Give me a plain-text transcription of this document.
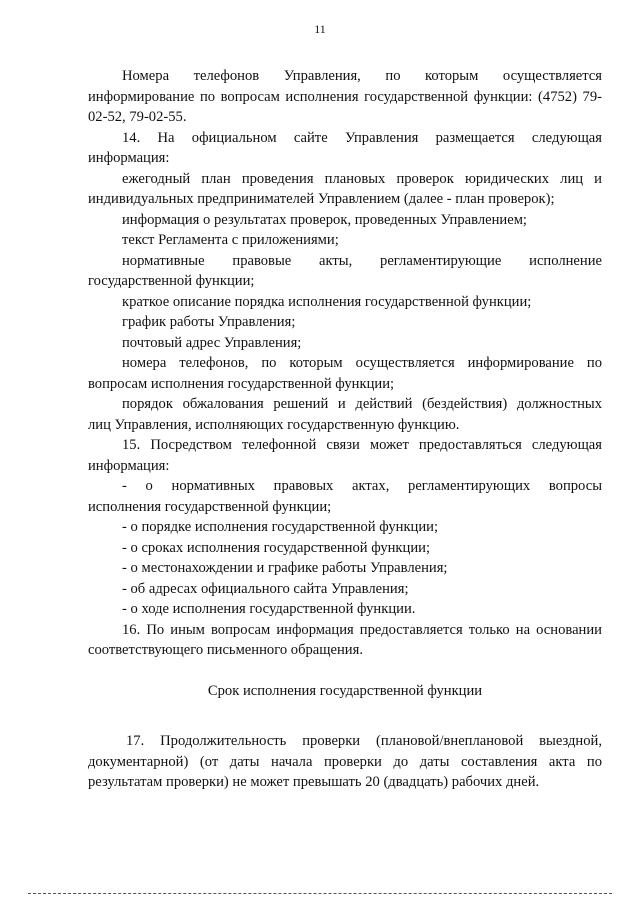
11
Номера телефонов Управления, по которым осуществляется
информирование по вопросам исполнения государственной функции: (4752) 79-
02-52, 79-02-55.
14. На официальном сайте Управления размещается следующая
информация:
ежегодный план проведения плановых проверок юридических лиц и
индивидуальных предпринимателей Управлением (далее - план проверок);
информация о результатах проверок, проведенных Управлением;
текст Регламента с приложениями;
нормативные правовые акты, регламентирующие исполнение
государственной функции;
краткое описание порядка исполнения государственной функции;
график работы Управления;
почтовый адрес Управления;
номера телефонов, по которым осуществляется информирование по
вопросам исполнения государственной функции;
порядок обжалования решений и действий (бездействия) должностных
лиц Управления, исполняющих государственную функцию.
15. Посредством телефонной связи может предоставляться следующая
информация:
- о нормативных правовых актах, регламентирующих вопросы
исполнения государственной функции;
- о порядке исполнения государственной функции;
- о сроках исполнения государственной функции;
- о местонахождении и графике работы Управления;
- об адресах официального сайта Управления;
- о ходе исполнения государственной функции.
16. По иным вопросам информация предоставляется только на основании
соответствующего письменного обращения.
Срок исполнения государственной функции
17. Продолжительность проверки (плановой/внеплановой выездной,
документарной) (от даты начала проверки до даты составления акта по
результатам проверки) не может превышать 20 (двадцать) рабочих дней.
